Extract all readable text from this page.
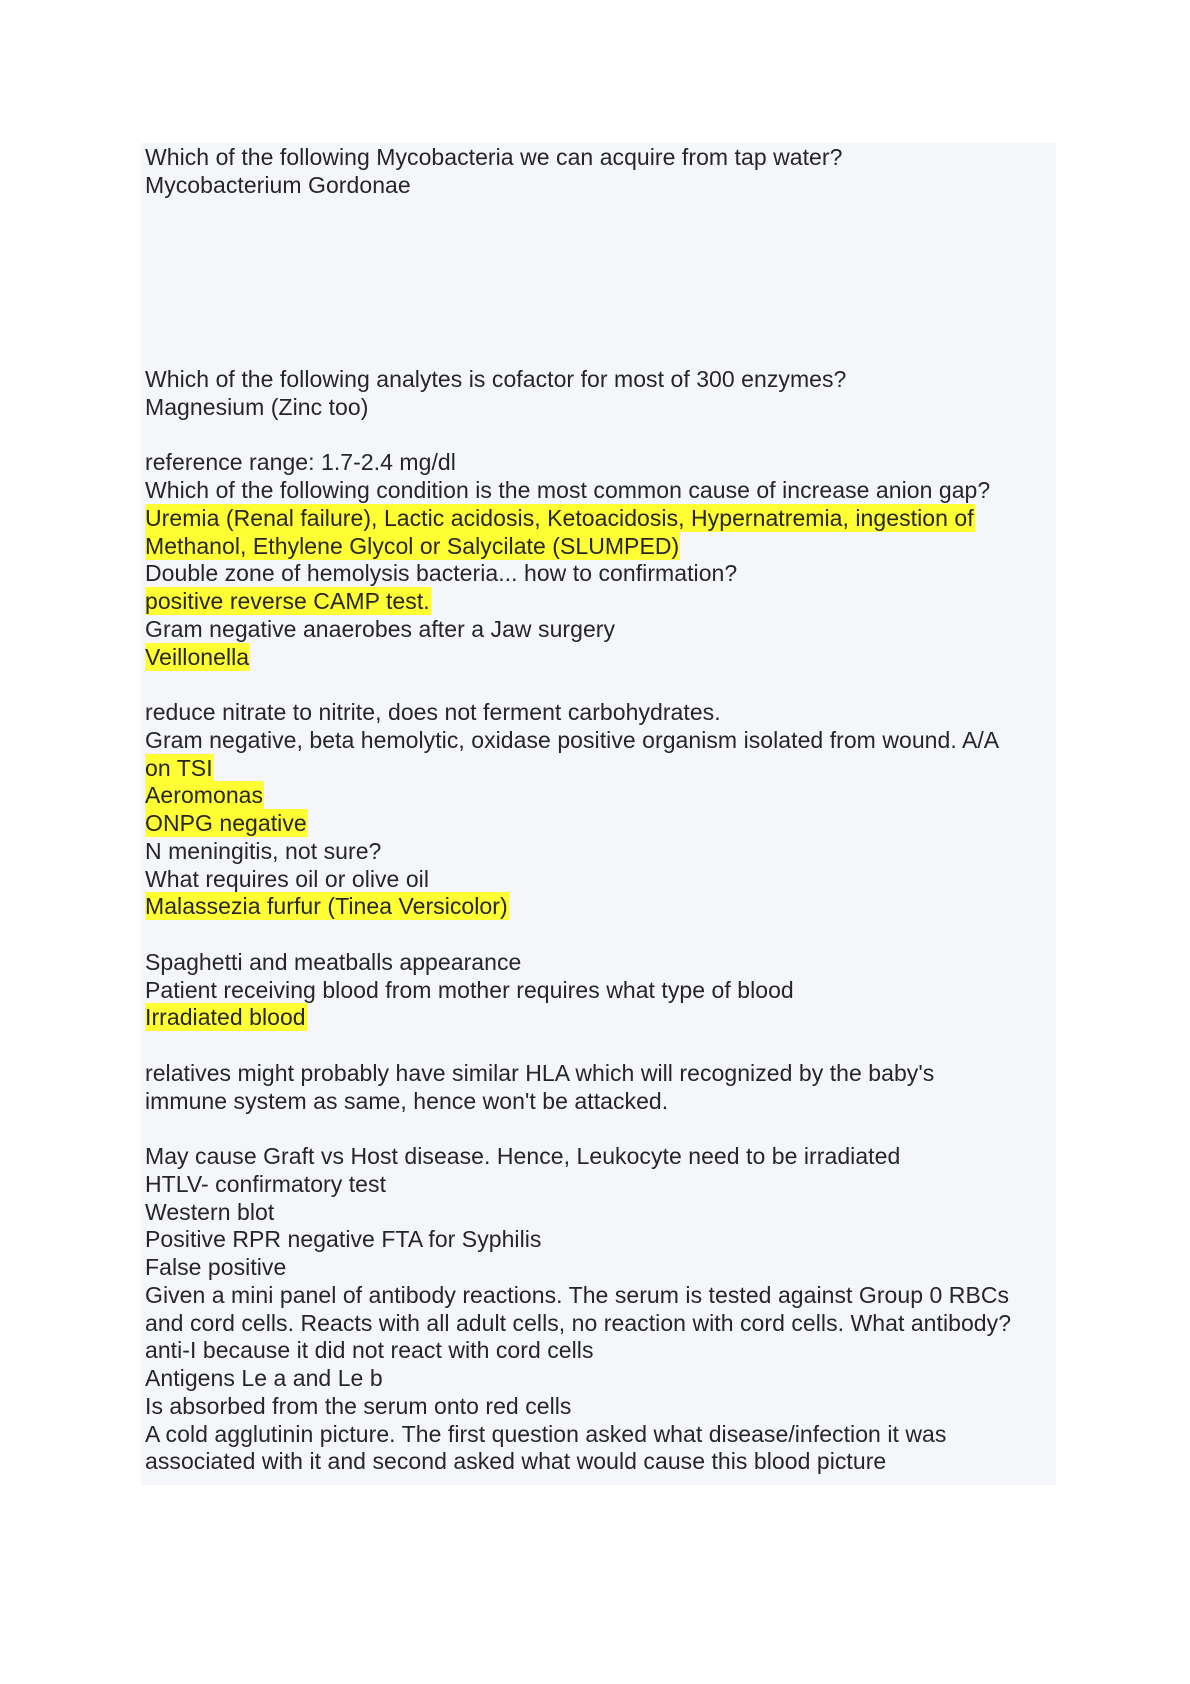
Which of the following Mycobacteria we can acquire from tap water?
Mycobacterium Gordonae
Which of the following analytes is cofactor for most of 300 enzymes?
Magnesium (Zinc too)
reference range: 1.7-2.4 mg/dl
Which of the following condition is the most common cause of increase anion gap?
Uremia (Renal failure), Lactic acidosis, Ketoacidosis, Hypernatremia, ingestion of
Methanol, Ethylene Glycol or Salycilate (SLUMPED)
Double zone of hemolysis bacteria... how to confirmation?
positive reverse CAMP test.
Gram negative anaerobes after a Jaw surgery
Veillonella
reduce nitrate to nitrite, does not ferment carbohydrates.
Gram negative, beta hemolytic, oxidase positive organism isolated from wound. A/A
on TSI
Aeromonas
ONPG negative
N meningitis, not sure?
What requires oil or olive oil
Malassezia furfur (Tinea Versicolor)
Spaghetti and meatballs appearance
Patient receiving blood from mother requires what type of blood
Irradiated blood
relatives might probably have similar HLA which will recognized by the baby's
immune system as same, hence won't be attacked.
May cause Graft vs Host disease. Hence, Leukocyte need to be irradiated
HTLV- confirmatory test
Western blot
Positive RPR negative FTA for Syphilis
False positive
Given a mini panel of antibody reactions. The serum is tested against Group 0 RBCs
and cord cells. Reacts with all adult cells, no reaction with cord cells. What antibody?
anti-I because it did not react with cord cells
Antigens Le a and Le b
Is absorbed from the serum onto red cells
A cold agglutinin picture. The first question asked what disease/infection it was
associated with it and second asked what would cause this blood picture
